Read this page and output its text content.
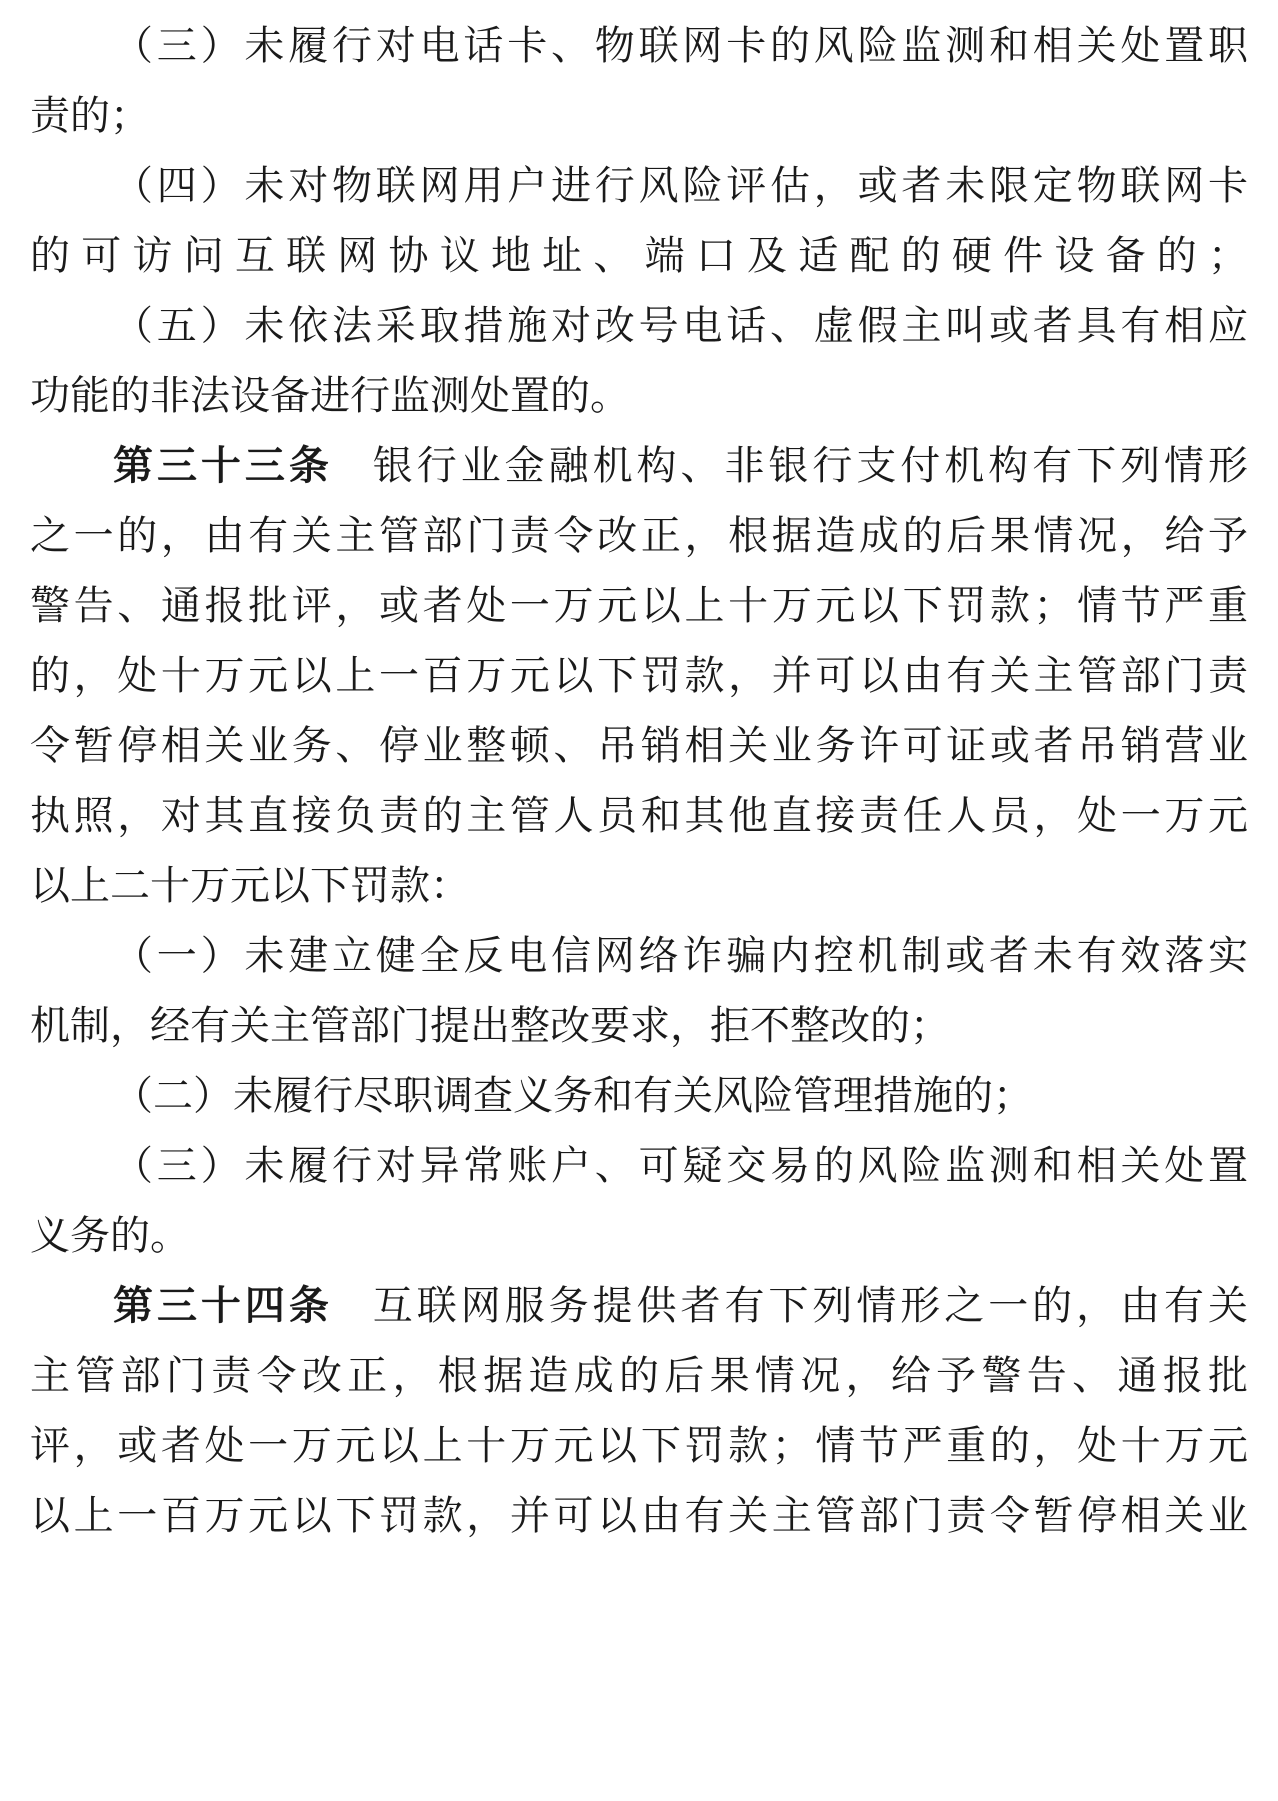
（三）未履行对电话卡、物联网卡的风险监测和相关处置职
责的；
（四）未对物联网用户进行风险评估，或者未限定物联网卡
的可访问互联网协议地址、端口及适配的硬件设备的；
（五）未依法采取措施对改号电话、虚假主叫或者具有相应
功能的非法设备进行监测处置的。
第三十三条 银行业金融机构、非银行支付机构有下列情形
之一的，由有关主管部门责令改正，根据造成的后果情况，给予
警告、通报批评，或者处一万元以上十万元以下罚款；情节严重
的，处十万元以上一百万元以下罚款，并可以由有关主管部门责
令暂停相关业务、停业整顿、吊销相关业务许可证或者吊销营业
执照，对其直接负责的主管人员和其他直接责任人员，处一万元
以上二十万元以下罚款：
（一）未建立健全反电信网络诈骗内控机制或者未有效落实
机制，经有关主管部门提出整改要求，拒不整改的；
（二）未履行尽职调查义务和有关风险管理措施的；
（三）未履行对异常账户、可疑交易的风险监测和相关处置
义务的。
第三十四条 互联网服务提供者有下列情形之一的，由有关
主管部门责令改正，根据造成的后果情况，给予警告、通报批
评，或者处一万元以上十万元以下罚款；情节严重的，处十万元
以上一百万元以下罚款，并可以由有关主管部门责令暂停相关业
